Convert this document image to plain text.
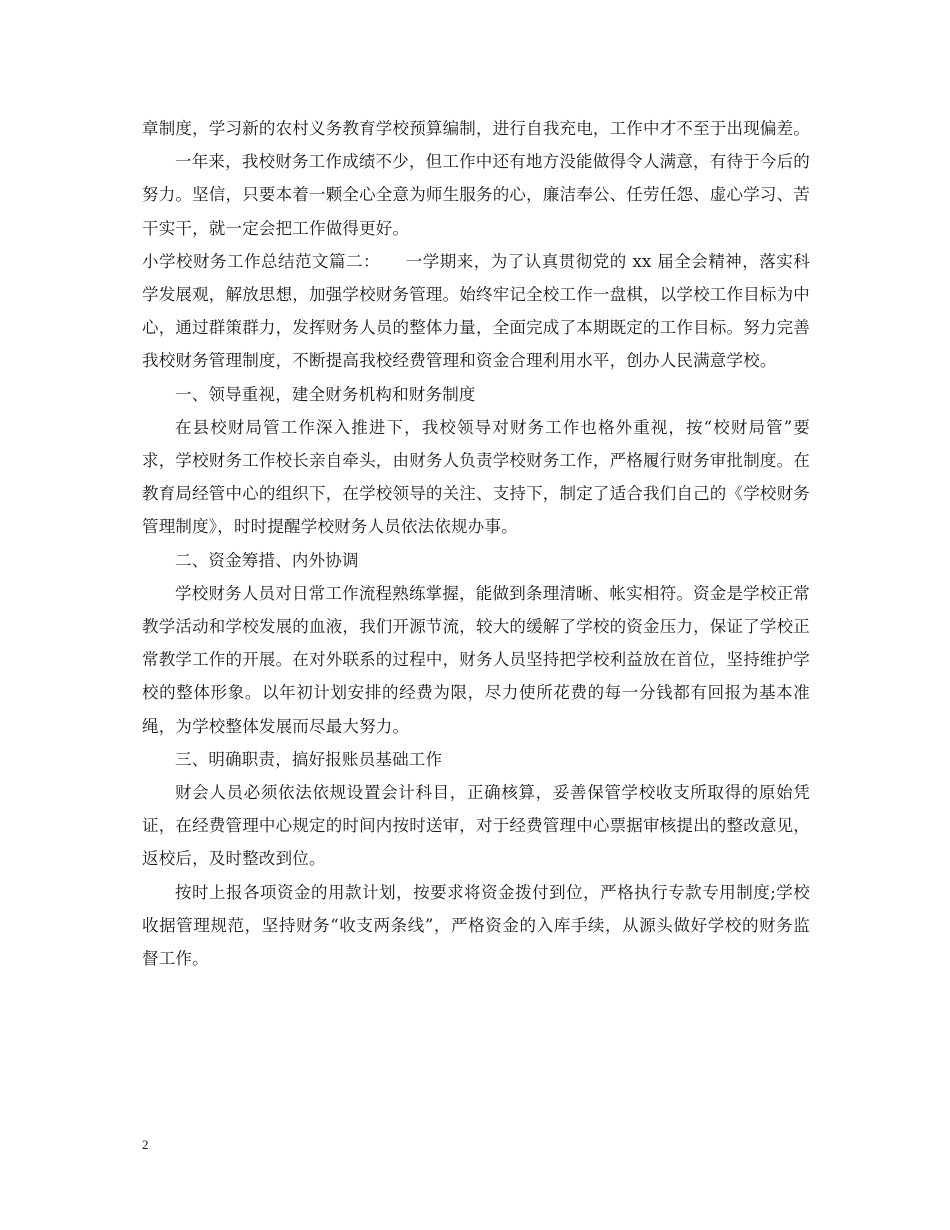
章制度，学习新的农村义务教育学校预算编制，进行自我充电，工作中才不至于出现偏差。

一年来，我校财务工作成绩不少，但工作中还有地方没能做得令人满意，有待于今后的努力。坚信，只要本着一颗全心全意为师生服务的心，廉洁奉公、任劳任怨、虚心学习、苦干实干，就一定会把工作做得更好。

小学校财务工作总结范文篇二：　　一学期来，为了认真贯彻党的 xx 届全会精神，落实科学发展观，解放思想，加强学校财务管理。始终牢记全校工作一盘棋，以学校工作目标为中心，通过群策群力，发挥财务人员的整体力量，全面完成了本期既定的工作目标。努力完善我校财务管理制度，不断提高我校经费管理和资金合理利用水平，创办人民满意学校。

一、领导重视，建全财务机构和财务制度

在县校财局管工作深入推进下，我校领导对财务工作也格外重视，按“校财局管”要求，学校财务工作校长亲自牵头，由财务人负责学校财务工作，严格履行财务审批制度。在教育局经管中心的组织下，在学校领导的关注、支持下，制定了适合我们自己的《学校财务管理制度》，时时提醒学校财务人员依法依规办事。

二、资金筹措、内外协调

学校财务人员对日常工作流程熟练掌握，能做到条理清晰、帐实相符。资金是学校正常教学活动和学校发展的血液，我们开源节流，较大的缓解了学校的资金压力，保证了学校正常教学工作的开展。在对外联系的过程中，财务人员坚持把学校利益放在首位，坚持维护学校的整体形象。以年初计划安排的经费为限，尽力使所花费的每一分钱都有回报为基本准绳，为学校整体发展而尽最大努力。

三、明确职责，搞好报账员基础工作

财会人员必须依法依规设置会计科目，正确核算，妥善保管学校收支所取得的原始凭证，在经费管理中心规定的时间内按时送审，对于经费管理中心票据审核提出的整改意见，返校后，及时整改到位。

按时上报各项资金的用款计划，按要求将资金拨付到位，严格执行专款专用制度;学校收据管理规范，坚持财务“收支两条线”，严格资金的入库手续，从源头做好学校的财务监督工作。

2
